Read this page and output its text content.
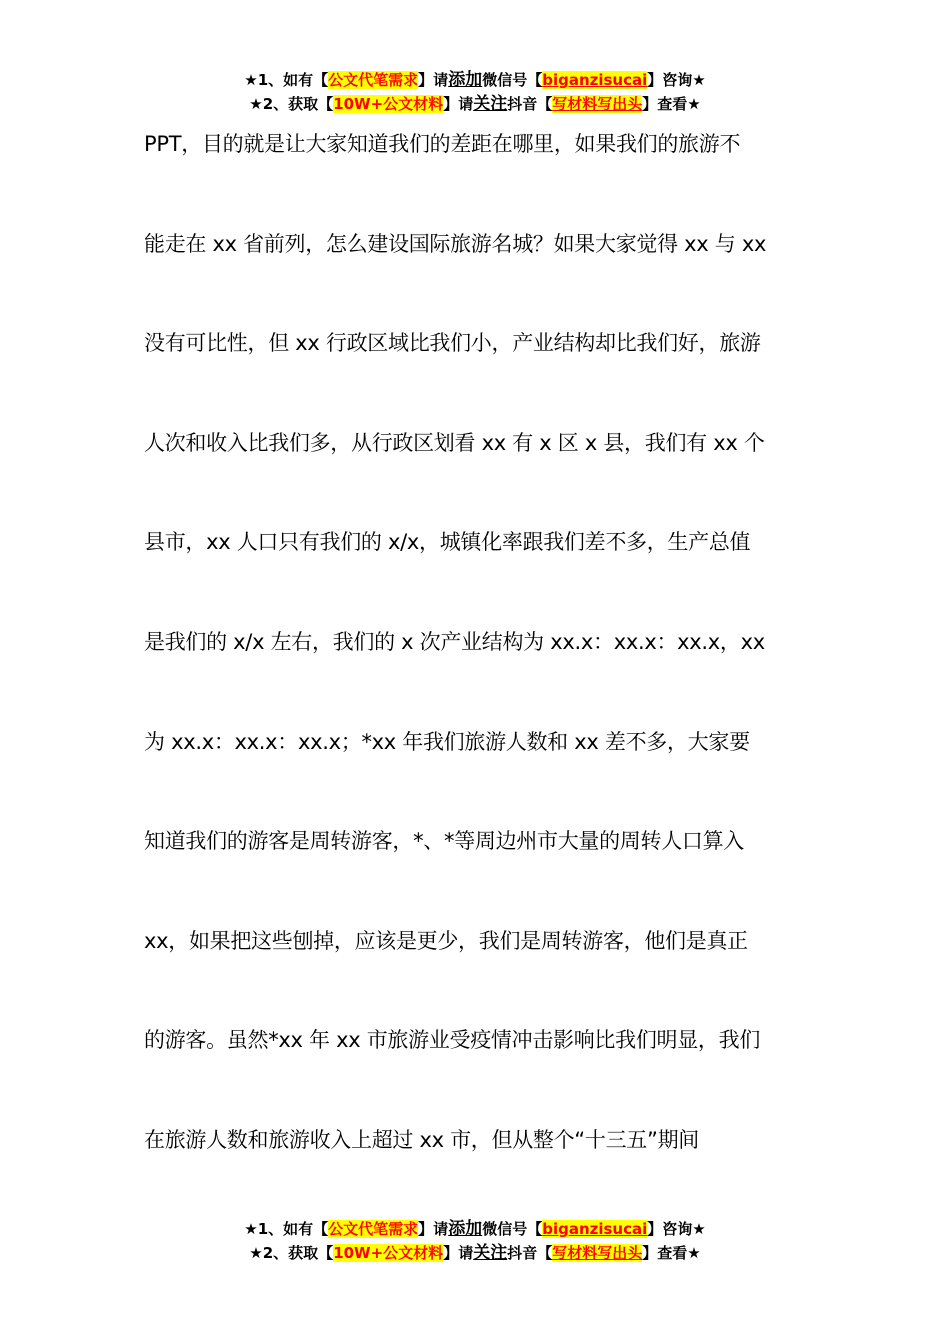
★1、如有【公文代笔需求】请添加微信号【biganzisucai】咨询★
★2、获取【10W+公文材料】请关注抖音【写材料写出头】查看★
PPT，目的就是让大家知道我们的差距在哪里，如果我们的旅游不
能走在 xx 省前列，怎么建设国际旅游名城？如果大家觉得 xx 与 xx
没有可比性，但 xx 行政区域比我们小，产业结构却比我们好，旅游
人次和收入比我们多，从行政区划看 xx 有 x 区 x 县，我们有 xx 个
县市，xx 人口只有我们的 x/x，城镇化率跟我们差不多，生产总值
是我们的 x/x 左右，我们的 x 次产业结构为 xx.x：xx.x：xx.x，xx
为 xx.x：xx.x：xx.x；*xx 年我们旅游人数和 xx 差不多，大家要
知道我们的游客是周转游客，*、*等周边州市大量的周转人口算入
xx，如果把这些刨掉，应该是更少，我们是周转游客，他们是真正
的游客。虽然*xx 年 xx 市旅游业受疫情冲击影响比我们明显，我们
在旅游人数和旅游收入上超过 xx 市，但从整个“十三五”期间
★1、如有【公文代笔需求】请添加微信号【biganzisucai】咨询★
★2、获取【10W+公文材料】请关注抖音【写材料写出头】查看★
